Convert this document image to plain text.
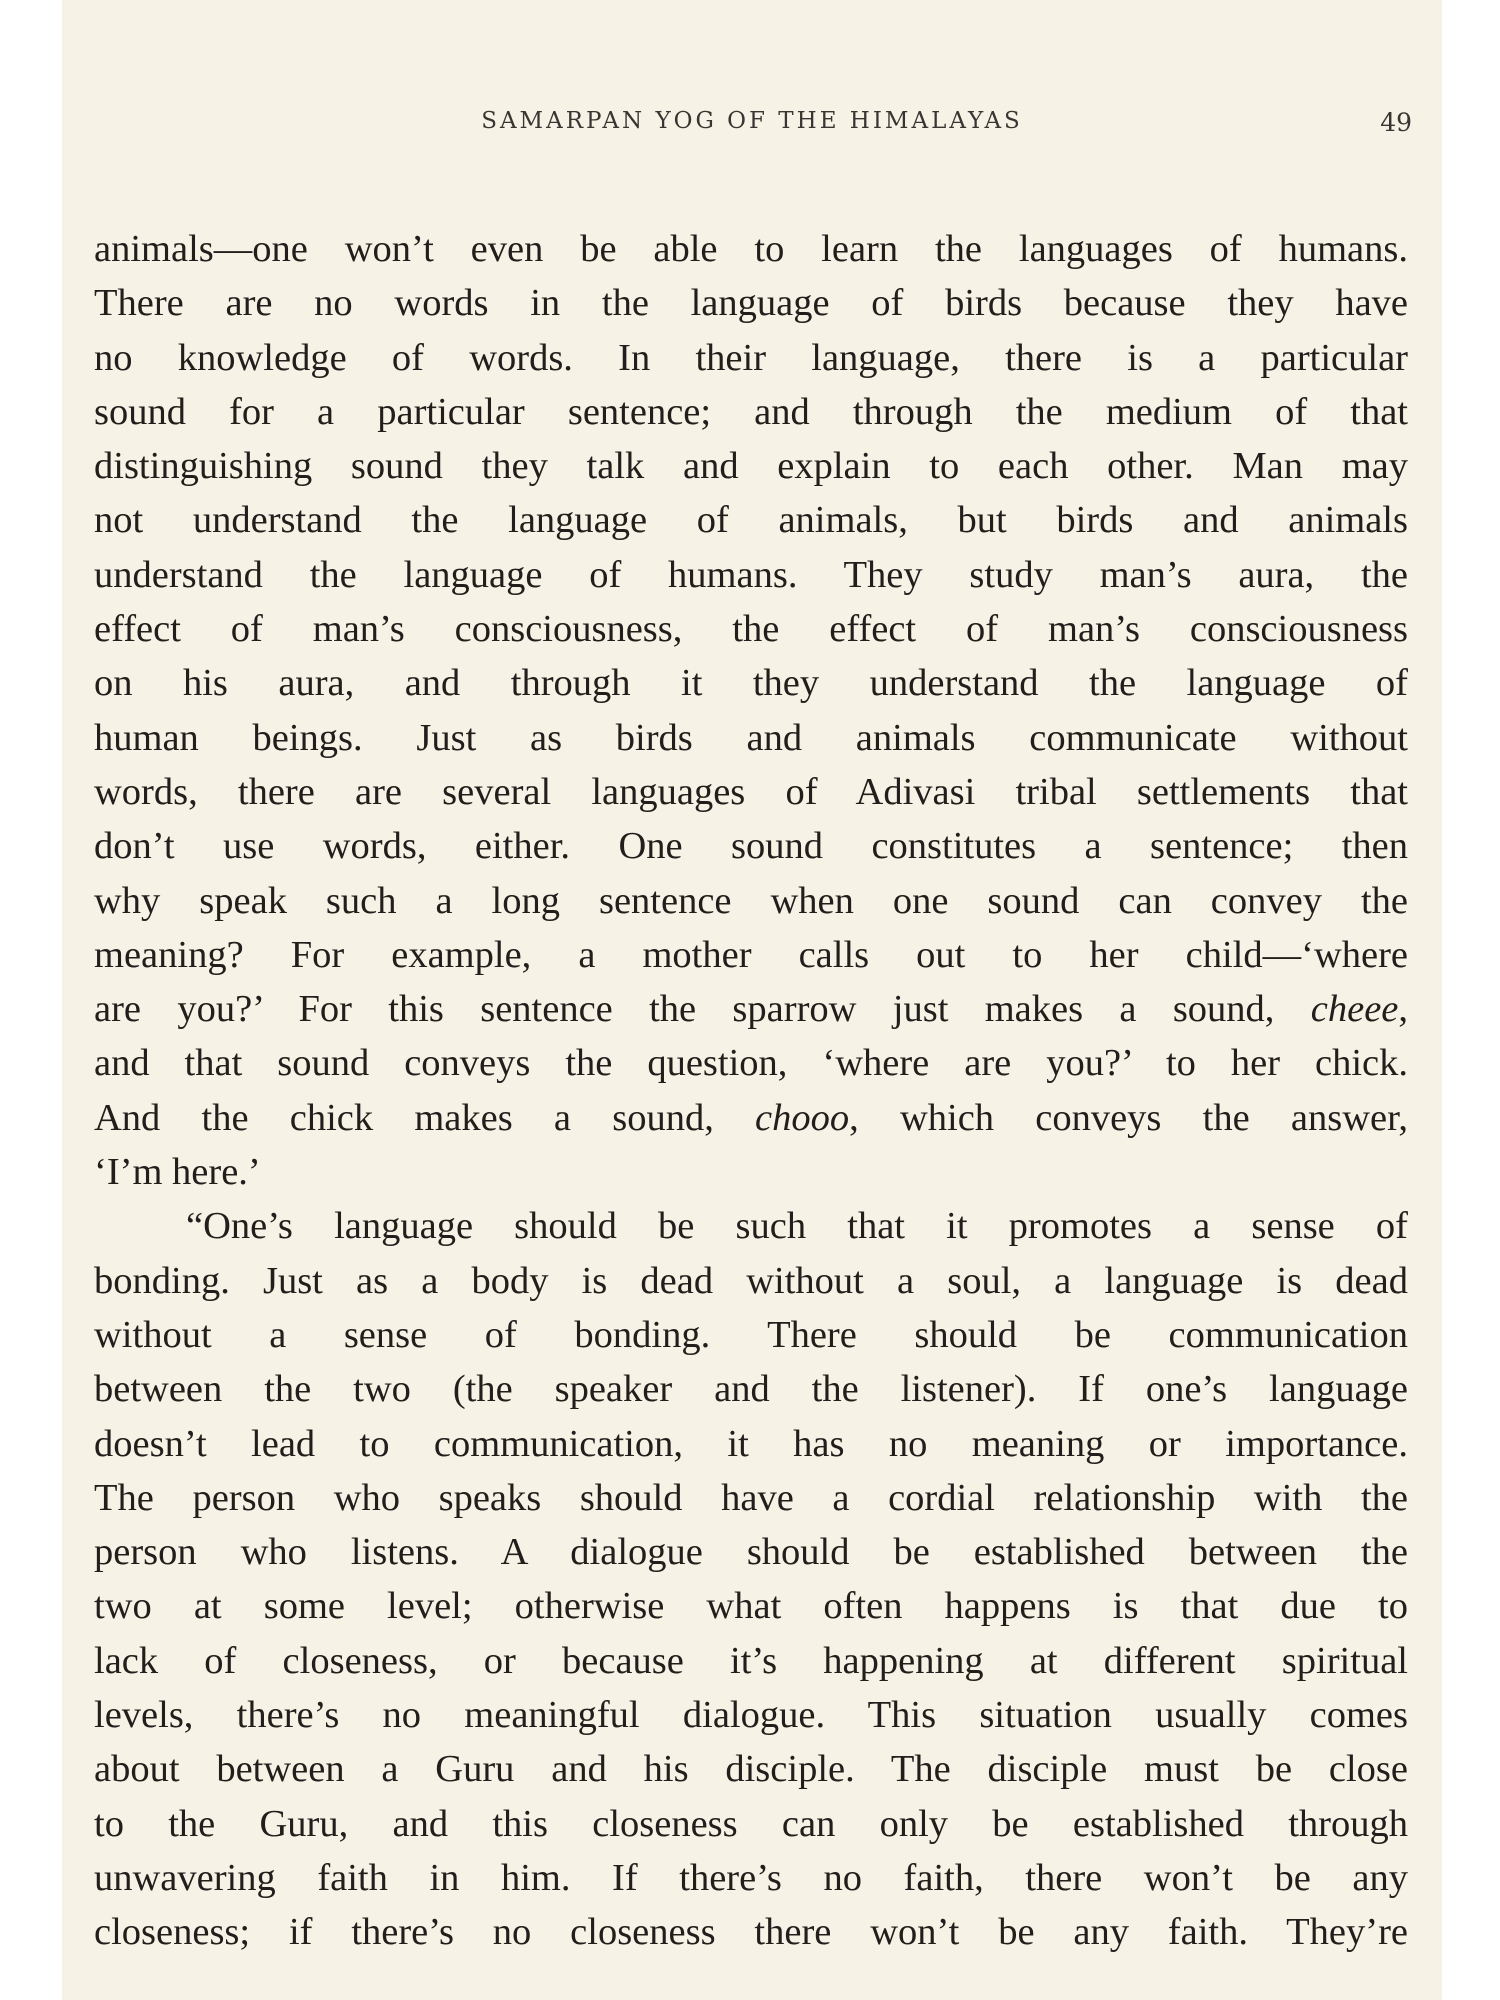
SAMARPAN YOG OF THE HIMALAYAS	49
animals—one won’t even be able to learn the languages of humans.
There are no words in the language of birds because they have
no knowledge of words. In their language, there is a particular
sound for a particular sentence; and through the medium of that
distinguishing sound they talk and explain to each other. Man may
not understand the language of animals, but birds and animals
understand the language of humans. They study man’s aura, the
effect of man’s consciousness, the effect of man’s consciousness
on his aura, and through it they understand the language of
human beings. Just as birds and animals communicate without
words, there are several languages of Adivasi tribal settlements that
don’t use words, either. One sound constitutes a sentence; then
why speak such a long sentence when one sound can convey the
meaning? For example, a mother calls out to her child—‘where
are you?’ For this sentence the sparrow just makes a sound, cheee,
and that sound conveys the question, ‘where are you?’ to her chick.
And the chick makes a sound, chooo, which conveys the answer,
‘I’m here.’
“One’s language should be such that it promotes a sense of
bonding. Just as a body is dead without a soul, a language is dead
without a sense of bonding. There should be communication
between the two (the speaker and the listener). If one’s language
doesn’t lead to communication, it has no meaning or importance.
The person who speaks should have a cordial relationship with the
person who listens. A dialogue should be established between the
two at some level; otherwise what often happens is that due to
lack of closeness, or because it’s happening at different spiritual
levels, there’s no meaningful dialogue. This situation usually comes
about between a Guru and his disciple. The disciple must be close
to the Guru, and this closeness can only be established through
unwavering faith in him. If there’s no faith, there won’t be any
closeness; if there’s no closeness there won’t be any faith. They’re
